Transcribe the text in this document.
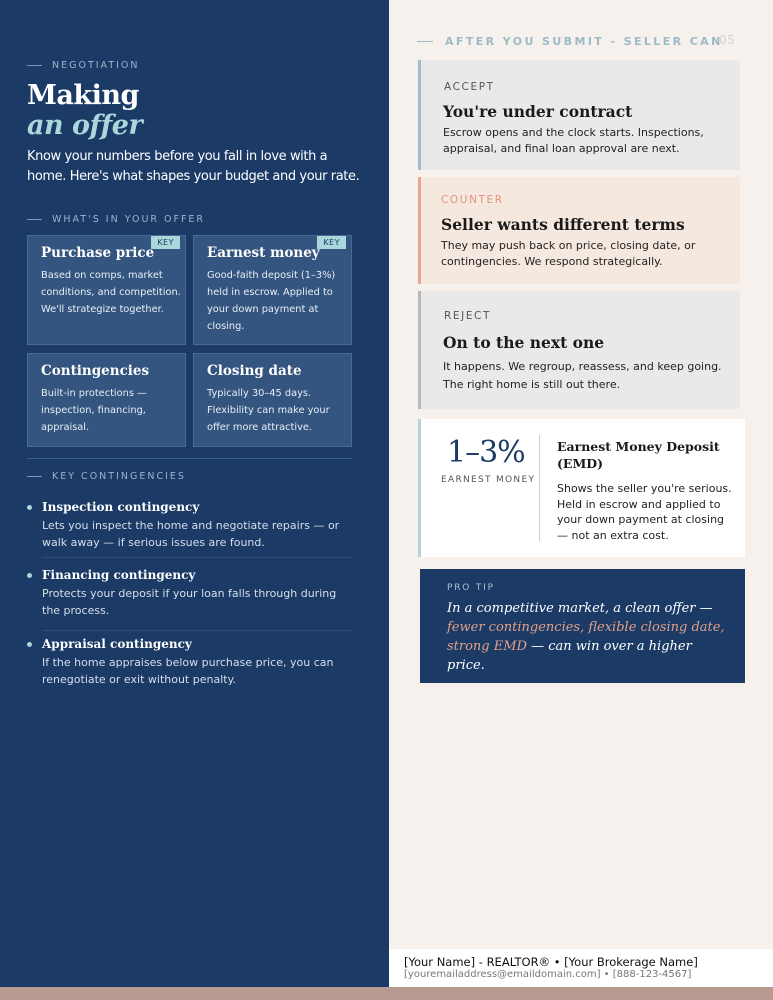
NEGOTIATION
Making
an offer
Know your numbers before you fall in love with a home. Here's what shapes your budget and your rate.
WHAT'S IN YOUR OFFER
KEY
Purchase price

Based on comps, market conditions, and competition. We'll strategize together.

KEY
Earnest money

Good-faith deposit (1–3%) held in escrow. Applied to your down payment at closing.

Contingencies

Built-in protections — inspection, financing, appraisal.

Closing date

Typically 30–45 days. Flexibility can make your offer more attractive.

KEY CONTINGENCIES
Inspection contingency

Lets you inspect the home and negotiate repairs — or walk away — if serious issues are found.

Financing contingency

Protects your deposit if your loan falls through during the process.

Appraisal contingency

If the home appraises below purchase price, you can renegotiate or exit without penalty.

AFTER YOU SUBMIT - SELLER CAN
05
ACCEPT
You're under contract

Escrow opens and the clock starts. Inspections, appraisal, and final loan approval are next.

COUNTER
Seller wants different terms

They may push back on price, closing date, or contingencies. We respond strategically.

REJECT
On to the next one

It happens. We regroup, reassess, and keep going. The right home is still out there.

1–3%
EARNEST MONEY
Earnest Money Deposit (EMD)

Shows the seller you're serious. Held in escrow and applied to your down payment at closing — not an extra cost.

PRO TIP
In a competitive market, a clean offer — fewer contingencies, flexible closing date, strong EMD — can win over a higher price.
[Your Name] - REALTOR® • [Your Brokerage Name]
[youremailaddress@emaildomain.com] • [888-123-4567]
